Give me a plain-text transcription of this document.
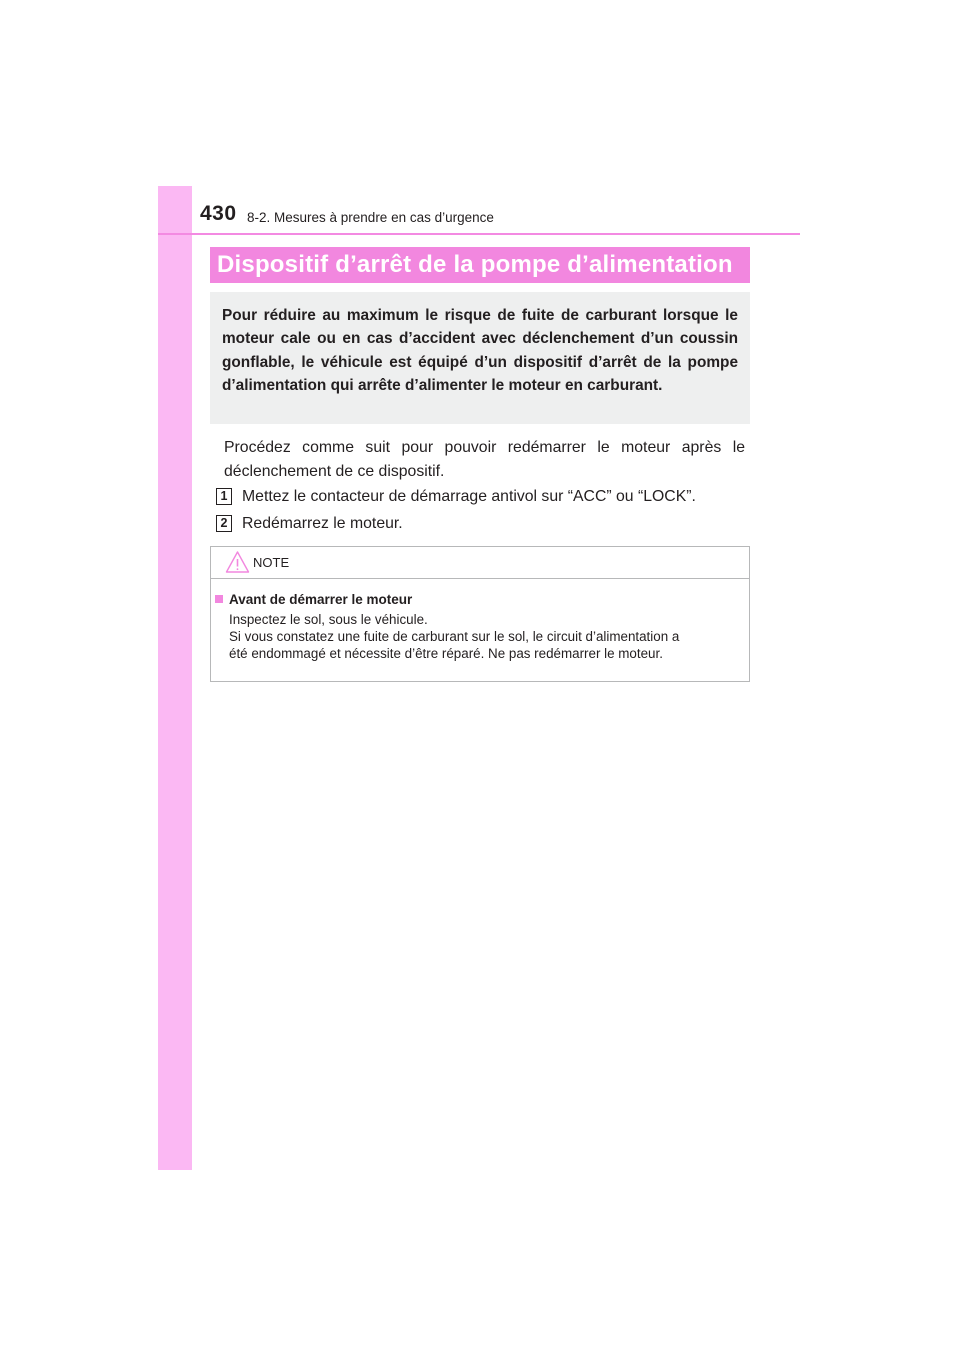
430 8-2. Mesures à prendre en cas d’urgence
Dispositif d’arrêt de la pompe d’alimentation

Pour réduire au maximum le risque de fuite de carburant lorsque le moteur cale ou en cas d’accident avec déclenchement d’un coussin gonflable, le véhicule est équipé d’un dispositif d’arrêt de la pompe d’alimentation qui arrête d’alimenter le moteur en carburant.

Procédez comme suit pour pouvoir redémarrer le moteur après le déclenchement de ce dispositif.

1 Mettez le contacteur de démarrage antivol sur “ACC” ou “LOCK”.
2 Redémarrez le moteur.
NOTE
Avant de démarrer le moteur

Inspectez le sol, sous le véhicule.
Si vous constatez une fuite de carburant sur le sol, le circuit d’alimentation a
été endommagé et nécessite d’être réparé. Ne pas redémarrer le moteur.
